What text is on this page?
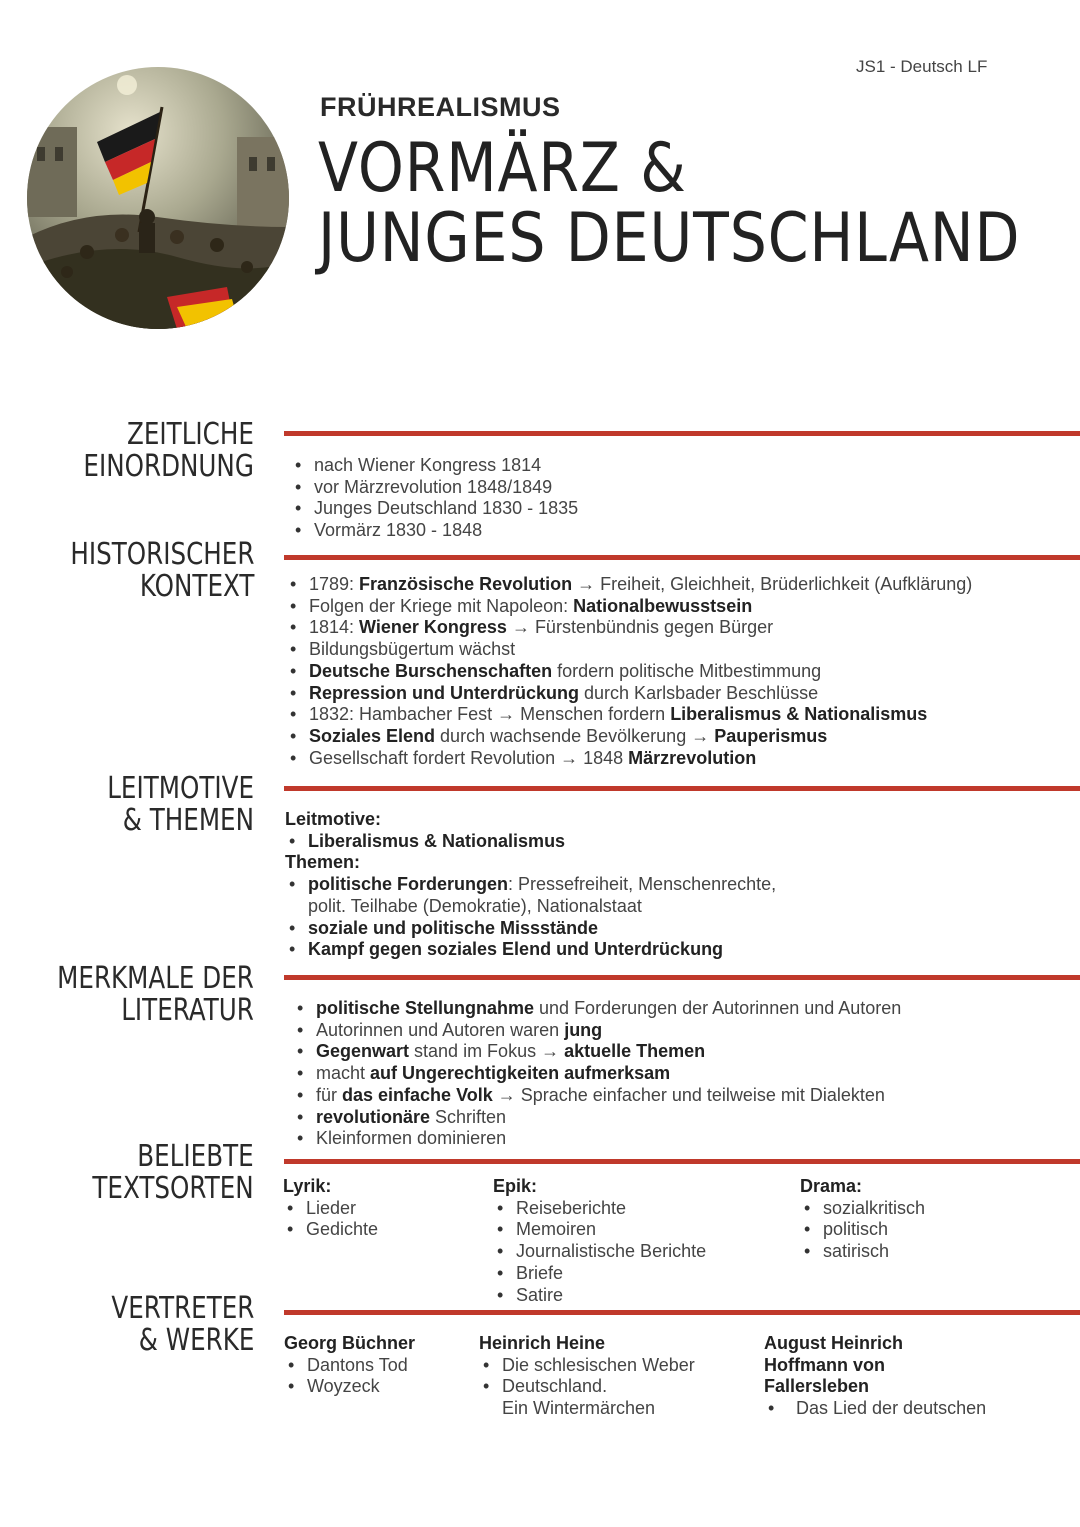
JS1 - Deutsch LF
FRÜHREALISMUS
VORMÄRZ &
JUNGES DEUTSCHLAND
ZEITLICHE
EINORDNUNG	• nach Wiener Kongress 1814
• vor Märzrevolution 1848/1849
• Junges Deutschland 1830 - 1835
• Vormärz 1830 - 1848
HISTORISCHER
KONTEXT	• 1789: Französische Revolution → Freiheit, Gleichheit, Brüderlichkeit (Aufklärung)
• Folgen der Kriege mit Napoleon: Nationalbewusstsein
• 1814: Wiener Kongress → Fürstenbündnis gegen Bürger
• Bildungsbügertum wächst
• Deutsche Burschenschaften fordern politische Mitbestimmung
• Repression und Unterdrückung durch Karlsbader Beschlüsse
• 1832: Hambacher Fest → Menschen fordern Liberalismus & Nationalismus
• Soziales Elend durch wachsende Bevölkerung → Pauperismus
• Gesellschaft fordert Revolution → 1848 Märzrevolution
LEITMOTIVE
& THEMEN Leitmotive:
• Liberalismus & Nationalismus
Themen:
• politische Forderungen: Pressefreiheit, Menschenrechte,
polit. Teilhabe (Demokratie), Nationalstaat
• soziale und politische Missstände
• Kampf gegen soziales Elend und Unterdrückung
MERKMALE DER
LITERATUR	• politische Stellungnahme und Forderungen der Autorinnen und Autoren
• Autorinnen und Autoren waren jung
• Gegenwart stand im Fokus → aktuelle Themen
• macht auf Ungerechtigkeiten aufmerksam
• für das einfache Volk → Sprache einfacher und teilweise mit Dialekten
• revolutionäre Schriften
• Kleinformen dominieren
BELIEBTE
TEXTSORTEN Lyrik:
• Lieder
• Gedichte
Epik:
• Reiseberichte
• Memoiren
• Journalistische Berichte
• Briefe
• Satire
Drama:
• sozialkritisch
• politisch
• satirisch
VERTRETER
& WERKE Georg Büchner
• Dantons Tod
• Woyzeck
Heinrich Heine
• Die schlesischen Weber
• Deutschland.
Ein Wintermärchen
August Heinrich Hoffmann von Fallersleben
• Das Lied der deutschen
